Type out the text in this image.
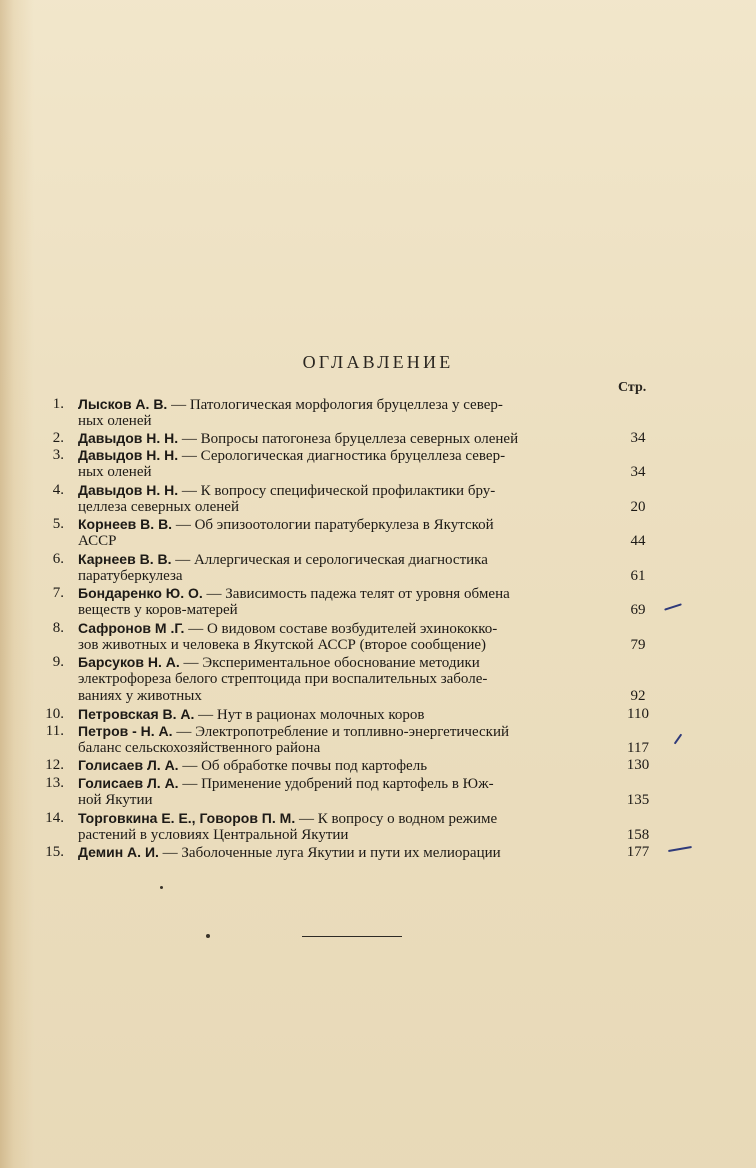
ОГЛАВЛЕНИЕ
Стр.
1. Лысков А. В. — Патологическая морфология бруцеллеза у север-
ных оленей
2. Давыдов Н. Н. — Вопросы патогонеза бруцеллеза северных оленей	34
3. Давыдов Н. Н. — Серологическая диагностика бруцеллеза север-
ных оленей	34
4. Давыдов Н. Н. — К вопросу специфической профилактики бру-
целлеза северных оленей	20
5. Корнеев В. В. — Об эпизоотологии паратуберкулеза в Якутской
АССР	44
6. Карнеев В. В. — Аллергическая и серологическая диагностика
паратуберкулеза	61
7. Бондаренко Ю. О. — Зависимость падежа телят от уровня обмена
веществ у коров-матерей	69
8. Сафронов М .Г. — О видовом составе возбудителей эхинококко-
зов животных и человека в Якутской АССР (второе сообщение)	79
9. Барсуков Н. А. — Экспериментальное обоснование методики
электрофореза белого стрептоцида при воспалительных заболе-
ваниях у животных	92
10. Петровская В. А. — Нут в рационах молочных коров	110
11. Петров - Н. А. — Электропотребление и топливно-энергетический
баланс сельскохозяйственного района	117
12. Голисаев Л. А. — Об обработке почвы под картофель	130
13. Голисаев Л. А. — Применение удобрений под картофель в Юж-
ной Якутии	135
14. Торговкина Е. Е., Говоров П. М. — К вопросу о водном режиме
растений в условиях Центральной Якутии	158
15. Демин А. И. — Заболоченные луга Якутии и пути их мелиорации	177
